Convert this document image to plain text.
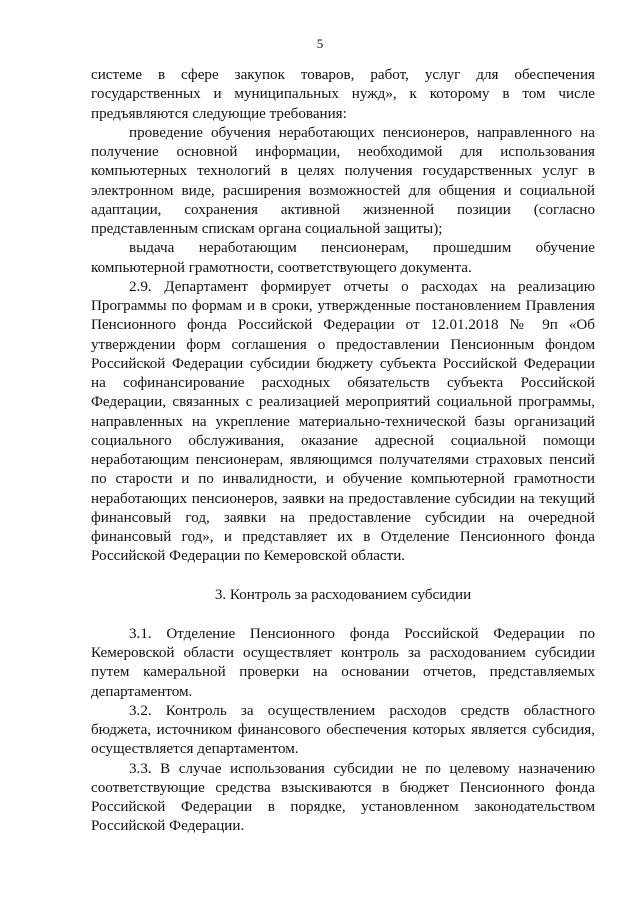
5

системе в сфере закупок товаров, работ, услуг для обеспечения государственных и муниципальных нужд», к которому в том числе предъявляются следующие требования:

проведение обучения неработающих пенсионеров, направленного на получение основной информации, необходимой для использования компьютерных технологий в целях получения государственных услуг в электронном виде, расширения возможностей для общения и социальной адаптации, сохранения активной жизненной позиции (согласно представленным спискам органа социальной защиты);

выдача неработающим пенсионерам, прошедшим обучение компьютерной грамотности, соответствующего документа.

2.9. Департамент формирует отчеты о расходах на реализацию Программы по формам и в сроки, утвержденные постановлением Правления Пенсионного фонда Российской Федерации от 12.01.2018 № 9п «Об утверждении форм соглашения о предоставлении Пенсионным фондом Российской Федерации субсидии бюджету субъекта Российской Федерации на софинансирование расходных обязательств субъекта Российской Федерации, связанных с реализацией мероприятий социальной программы, направленных на укрепление материально-технической базы организаций социального обслуживания, оказание адресной социальной помощи неработающим пенсионерам, являющимся получателями страховых пенсий по старости и по инвалидности, и обучение компьютерной грамотности неработающих пенсионеров, заявки на предоставление субсидии на текущий финансовый год, заявки на предоставление субсидии на очередной финансовый год», и представляет их в Отделение Пенсионного фонда Российской Федерации по Кемеровской области.

3. Контроль за расходованием субсидии

3.1. Отделение Пенсионного фонда Российской Федерации по Кемеровской области осуществляет контроль за расходованием субсидии путем камеральной проверки на основании отчетов, представляемых департаментом.

3.2. Контроль за осуществлением расходов средств областного бюджета, источником финансового обеспечения которых является субсидия, осуществляется департаментом.

3.3. В случае использования субсидии не по целевому назначению соответствующие средства взыскиваются в бюджет Пенсионного фонда Российской Федерации в порядке, установленном законодательством Российской Федерации.
